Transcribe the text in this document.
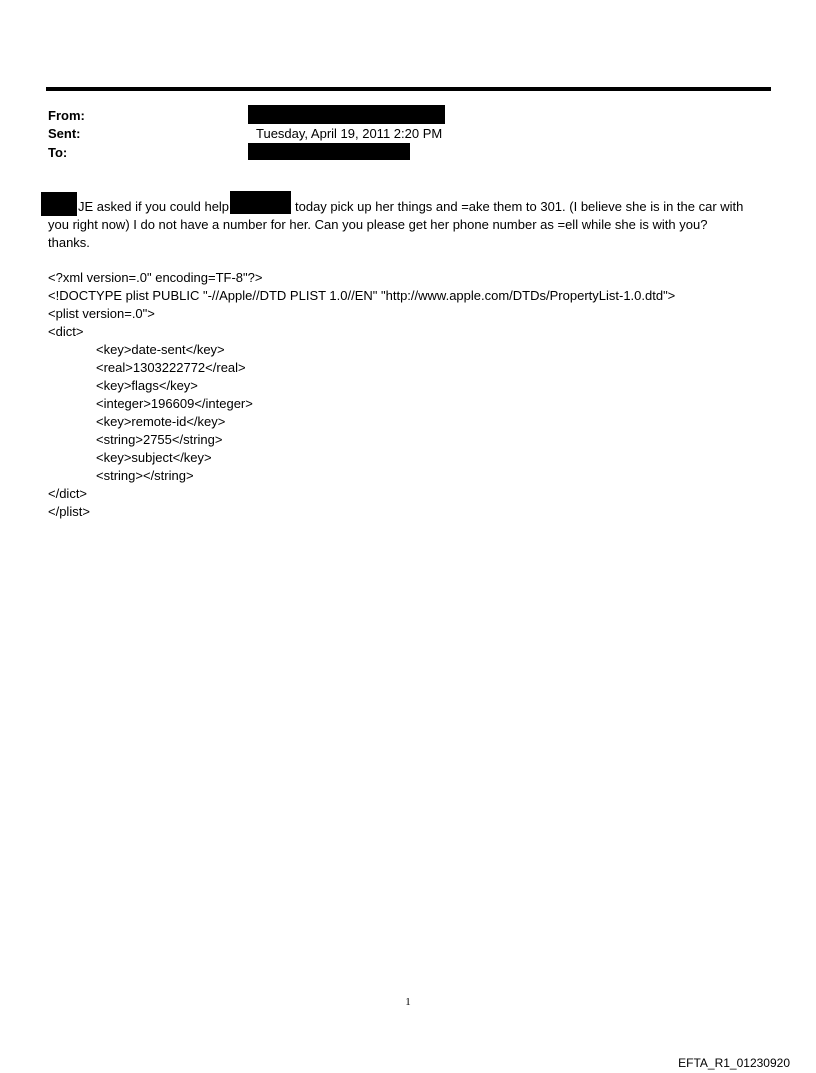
From:
Sent:	Tuesday, April 19, 2011 2:20 PM
To:
JE asked if you could help	today pick up her things and =ake them to 301. (I believe she is in the car with
you right now) I do not have a number for her. Can you please get her phone number as =ell while she is with you?
thanks.
<?xml version=.0" encoding=TF-8"?>
<!DOCTYPE plist PUBLIC "-//Apple//DTD PLIST 1.0//EN" "http://www.apple.com/DTDs/PropertyList-1.0.dtd">
<plist version=.0">
<dict>
<key>date-sent</key>
<real>1303222772</real>
<key>flags</key>
<integer>196609</integer>
<key>remote-id</key>
<string>2755</string>
<key>subject</key>
<string></string>
</dict>
</plist>
1
EFTA_R1_01230920
